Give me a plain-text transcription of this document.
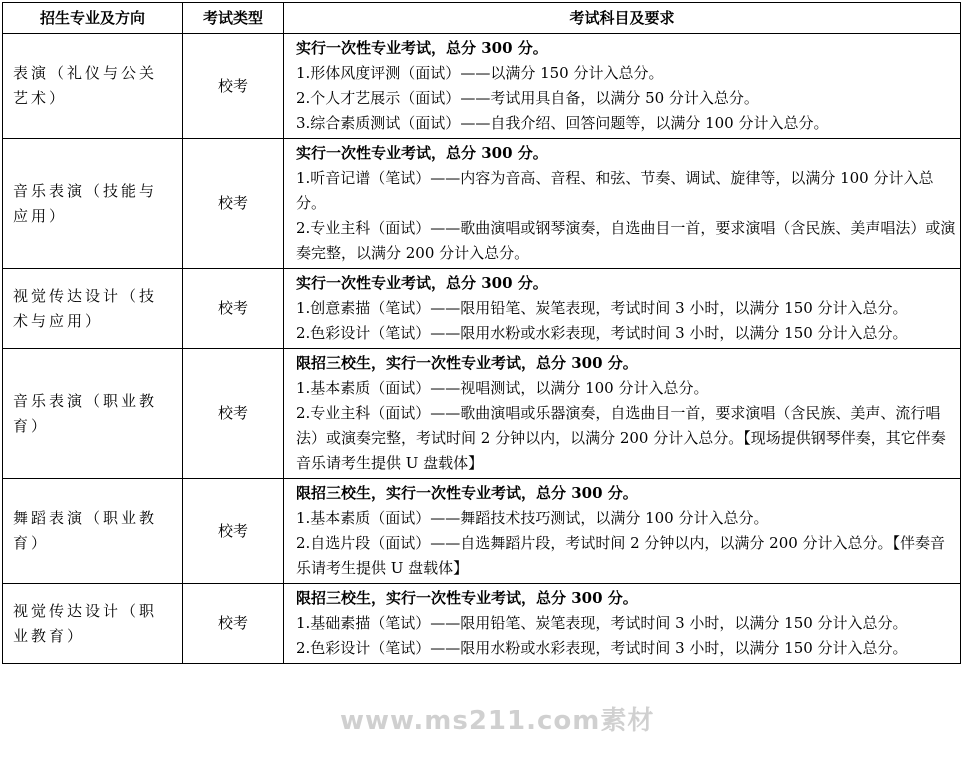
招生专业及方向	考试类型	考试科目及要求
表演（礼仪与公关艺术）	校考	实行一次性专业考试，总分 300 分。
1.形体风度评测（面试）——以满分 150 分计入总分。
2.个人才艺展示（面试）——考试用具自备，以满分 50 分计入总分。
3.综合素质测试（面试）——自我介绍、回答问题等，以满分 100 分计入总分。

音乐表演（技能与应用）	校考	实行一次性专业考试，总分 300 分。
1.听音记谱（笔试）——内容为音高、音程、和弦、节奏、调试、旋律等，以满分 100 分计入总分。
2.专业主科（面试）——歌曲演唱或钢琴演奏，自选曲目一首，要求演唱（含民族、美声唱法）或演奏完整，以满分 200 分计入总分。

视觉传达设计（技术与应用）	校考	实行一次性专业考试，总分 300 分。
1.创意素描（笔试）——限用铅笔、炭笔表现，考试时间 3 小时，以满分 150 分计入总分。
2.色彩设计（笔试）——限用水粉或水彩表现，考试时间 3 小时，以满分 150 分计入总分。

音乐表演（职业教育）	校考	限招三校生，实行一次性专业考试，总分 300 分。
1.基本素质（面试）——视唱测试，以满分 100 分计入总分。
2.专业主科（面试）——歌曲演唱或乐器演奏，自选曲目一首，要求演唱（含民族、美声、流行唱法）或演奏完整，考试时间 2 分钟以内，以满分 200 分计入总分。【现场提供钢琴伴奏，其它伴奏音乐请考生提供 U 盘载体】

舞蹈表演（职业教育）	校考	限招三校生，实行一次性专业考试，总分 300 分。
1.基本素质（面试）——舞蹈技术技巧测试，以满分 100 分计入总分。
2.自选片段（面试）——自选舞蹈片段，考试时间 2 分钟以内，以满分 200 分计入总分。【伴奏音乐请考生提供 U 盘载体】

视觉传达设计（职业教育）	校考	限招三校生，实行一次性专业考试，总分 300 分。
1.基础素描（笔试）——限用铅笔、炭笔表现，考试时间 3 小时，以满分 150 分计入总分。
2.色彩设计（笔试）——限用水粉或水彩表现，考试时间 3 小时，以满分 150 分计入总分。
www.ms211.com素材
